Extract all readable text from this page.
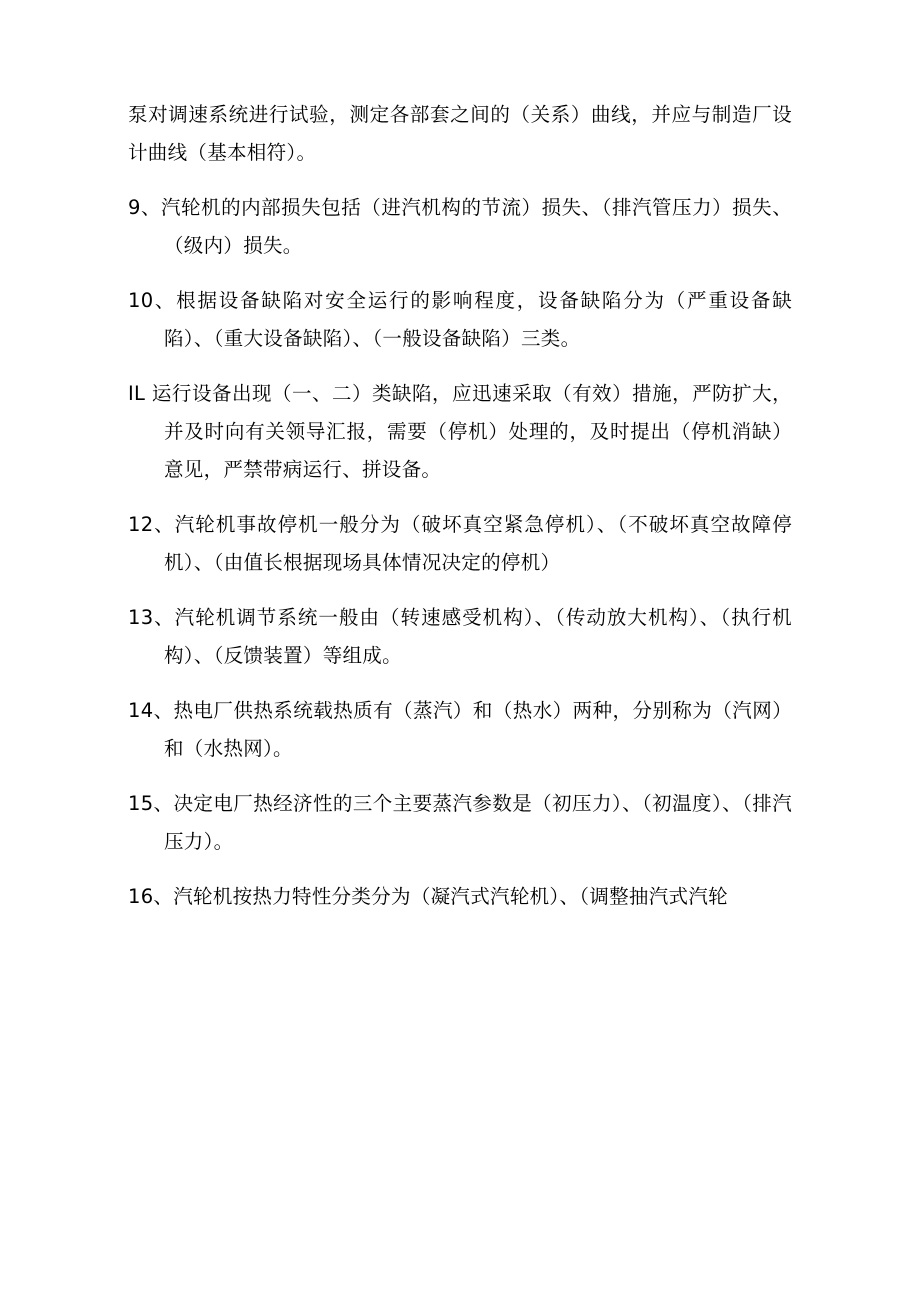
泵对调速系统进行试验，测定各部套之间的（关系）曲线，并应与制造厂设计曲线（基本相符）。

9、汽轮机的内部损失包括（进汽机构的节流）损失、（排汽管压力）损失、（级内）损失。

10、根据设备缺陷对安全运行的影响程度，设备缺陷分为（严重设备缺陷）、（重大设备缺陷）、（一般设备缺陷）三类。

IL 运行设备出现（一、二）类缺陷，应迅速采取（有效）措施，严防扩大，并及时向有关领导汇报，需要（停机）处理的，及时提出（停机消缺）意见，严禁带病运行、拼设备。

12、汽轮机事故停机一般分为（破坏真空紧急停机）、（不破坏真空故障停机）、（由值长根据现场具体情况决定的停机）

13、汽轮机调节系统一般由（转速感受机构）、（传动放大机构）、（执行机构）、（反馈装置）等组成。

14、热电厂供热系统载热质有（蒸汽）和（热水）两种，分别称为（汽网）和（水热网）。

15、决定电厂热经济性的三个主要蒸汽参数是（初压力）、（初温度）、（排汽压力）。

16、汽轮机按热力特性分类分为（凝汽式汽轮机）、（调整抽汽式汽轮
